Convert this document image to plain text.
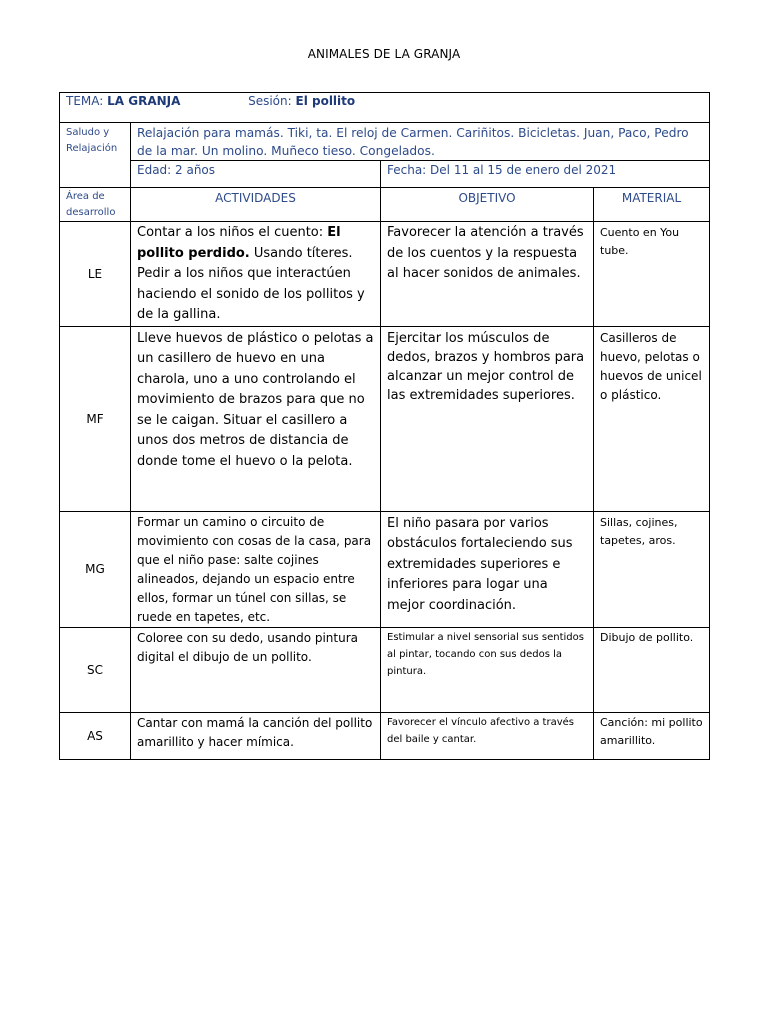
ANIMALES DE LA GRANJA
TEMA: LA GRANJA Sesión: El pollito			
Saludo y Relajación	Relajación para mamás. Tiki, ta. El reloj de Carmen. Cariñitos. Bicicletas. Juan, Paco, Pedro de la mar. Un molino. Muñeco tieso. Congelados.		
	Edad: 2 años	Fecha: Del 11 al 15 de enero del 2021	
Área de desarrollo	ACTIVIDADES	OBJETIVO	MATERIAL
LE	Contar a los niños el cuento: El pollito perdido. Usando títeres. Pedir a los niños que interactúen haciendo el sonido de los pollitos y de la gallina.	Favorecer la atención a través de los cuentos y la respuesta al hacer sonidos de animales.	Cuento en You tube.
MF	Lleve huevos de plástico o pelotas a un casillero de huevo en una charola, uno a uno controlando el movimiento de brazos para que no se le caigan. Situar el casillero a unos dos metros de distancia de donde tome el huevo o la pelota.	Ejercitar los músculos de dedos, brazos y hombros para alcanzar un mejor control de las extremidades superiores.	Casilleros de huevo, pelotas o huevos de unicel o plástico.
MG	Formar un camino o circuito de movimiento con cosas de la casa, para que el niño pase: salte cojines alineados, dejando un espacio entre ellos, formar un túnel con sillas, se ruede en tapetes, etc.	El niño pasara por varios obstáculos fortaleciendo sus extremidades superiores e inferiores para logar una mejor coordinación.	Sillas, cojines, tapetes, aros.
SC	Coloree con su dedo, usando pintura digital el dibujo de un pollito.	Estimular a nivel sensorial sus sentidos al pintar, tocando con sus dedos la pintura.	Dibujo de pollito.
AS	Cantar con mamá la canción del pollito amarillito y hacer mímica.	Favorecer el vínculo afectivo a través del baile y cantar.	Canción: mi pollito amarillito.
